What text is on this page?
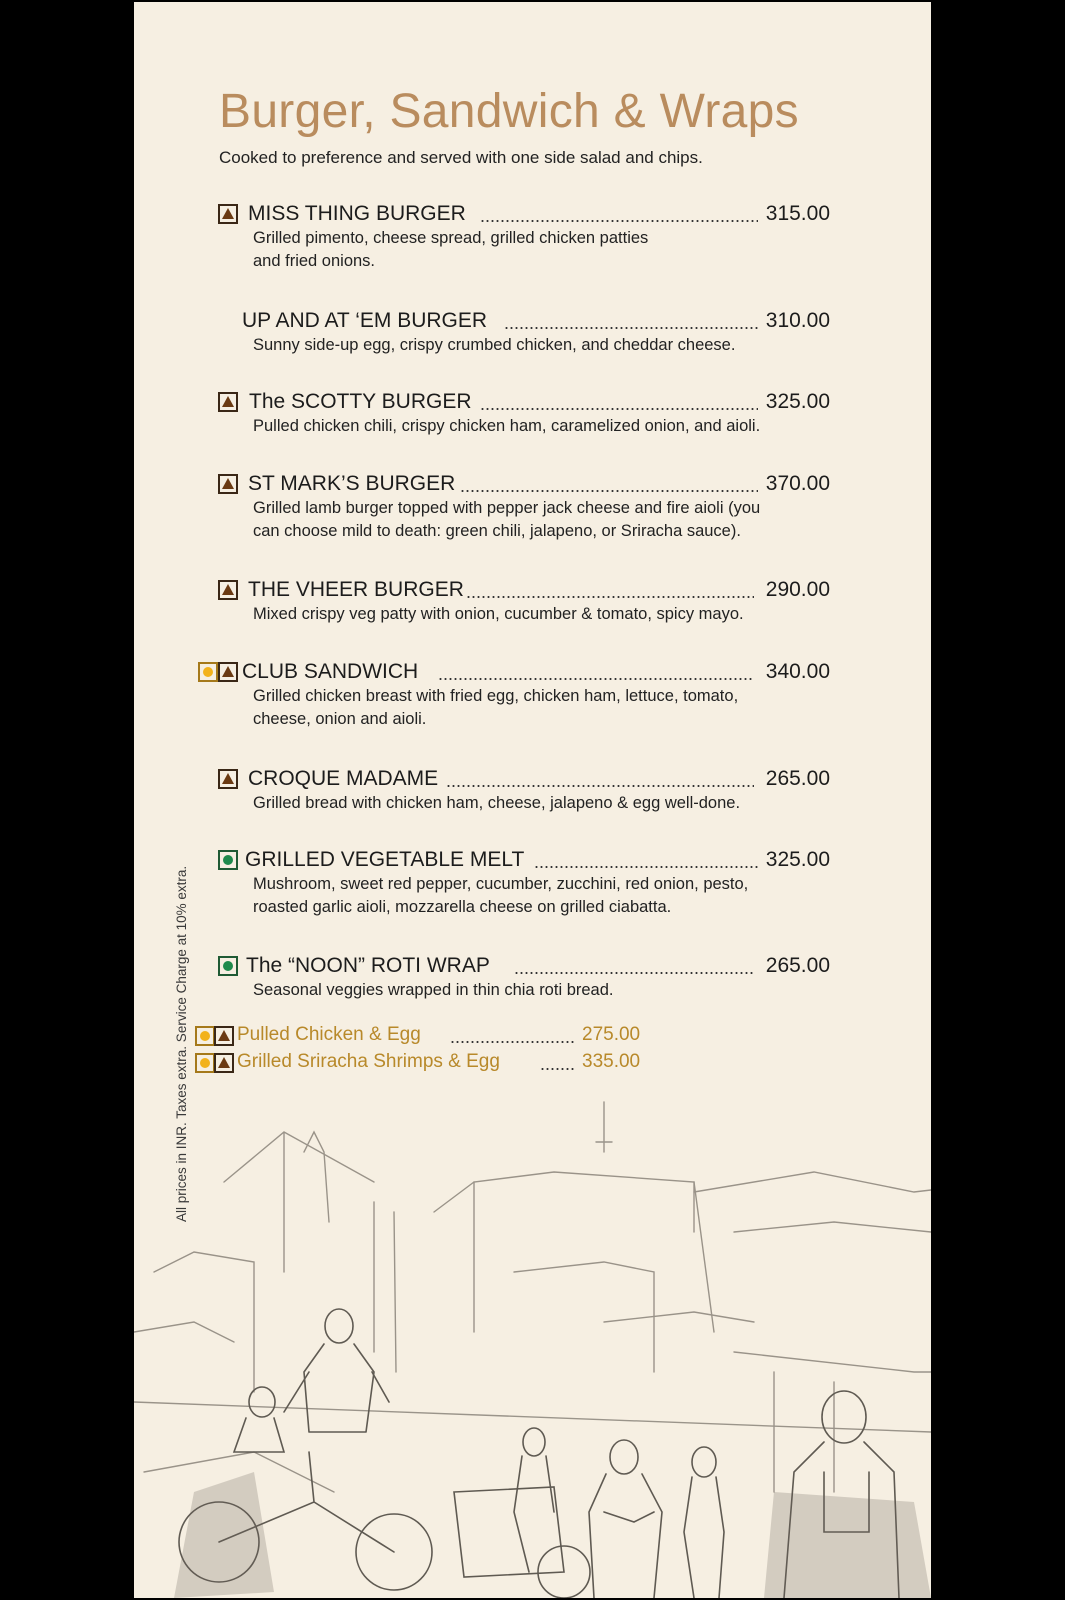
Burger, Sandwich & Wraps
Cooked to preference and served with one side salad and chips.
MISS THING BURGER	315.00
Grilled pimento, cheese spread, grilled chicken patties
and fried onions.
UP AND AT ‘EM BURGER	310.00
Sunny side-up egg, crispy crumbed chicken, and cheddar cheese.
The SCOTTY BURGER	325.00
Pulled chicken chili, crispy chicken ham, caramelized onion, and aioli.
ST MARK’S BURGER	370.00
Grilled lamb burger topped with pepper jack cheese and fire aioli (you
can choose mild to death: green chili, jalapeno, or Sriracha sauce).
THE VHEER BURGER	290.00
Mixed crispy veg patty with onion, cucumber & tomato, spicy mayo.
CLUB SANDWICH	340.00
Grilled chicken breast with fried egg, chicken ham, lettuce, tomato,
cheese, onion and aioli.
CROQUE MADAME	265.00
Grilled bread with chicken ham, cheese, jalapeno & egg well-done.
GRILLED VEGETABLE MELT	325.00
Mushroom, sweet red pepper, cucumber, zucchini, red onion, pesto,
roasted garlic aioli, mozzarella cheese on grilled ciabatta.
The “NOON” ROTI WRAP	265.00
Seasonal veggies wrapped in thin chia roti bread.
Pulled Chicken & Egg	275.00
Grilled Sriracha Shrimps & Egg	335.00
All prices in INR. Taxes extra. Service Charge at 10% extra.
